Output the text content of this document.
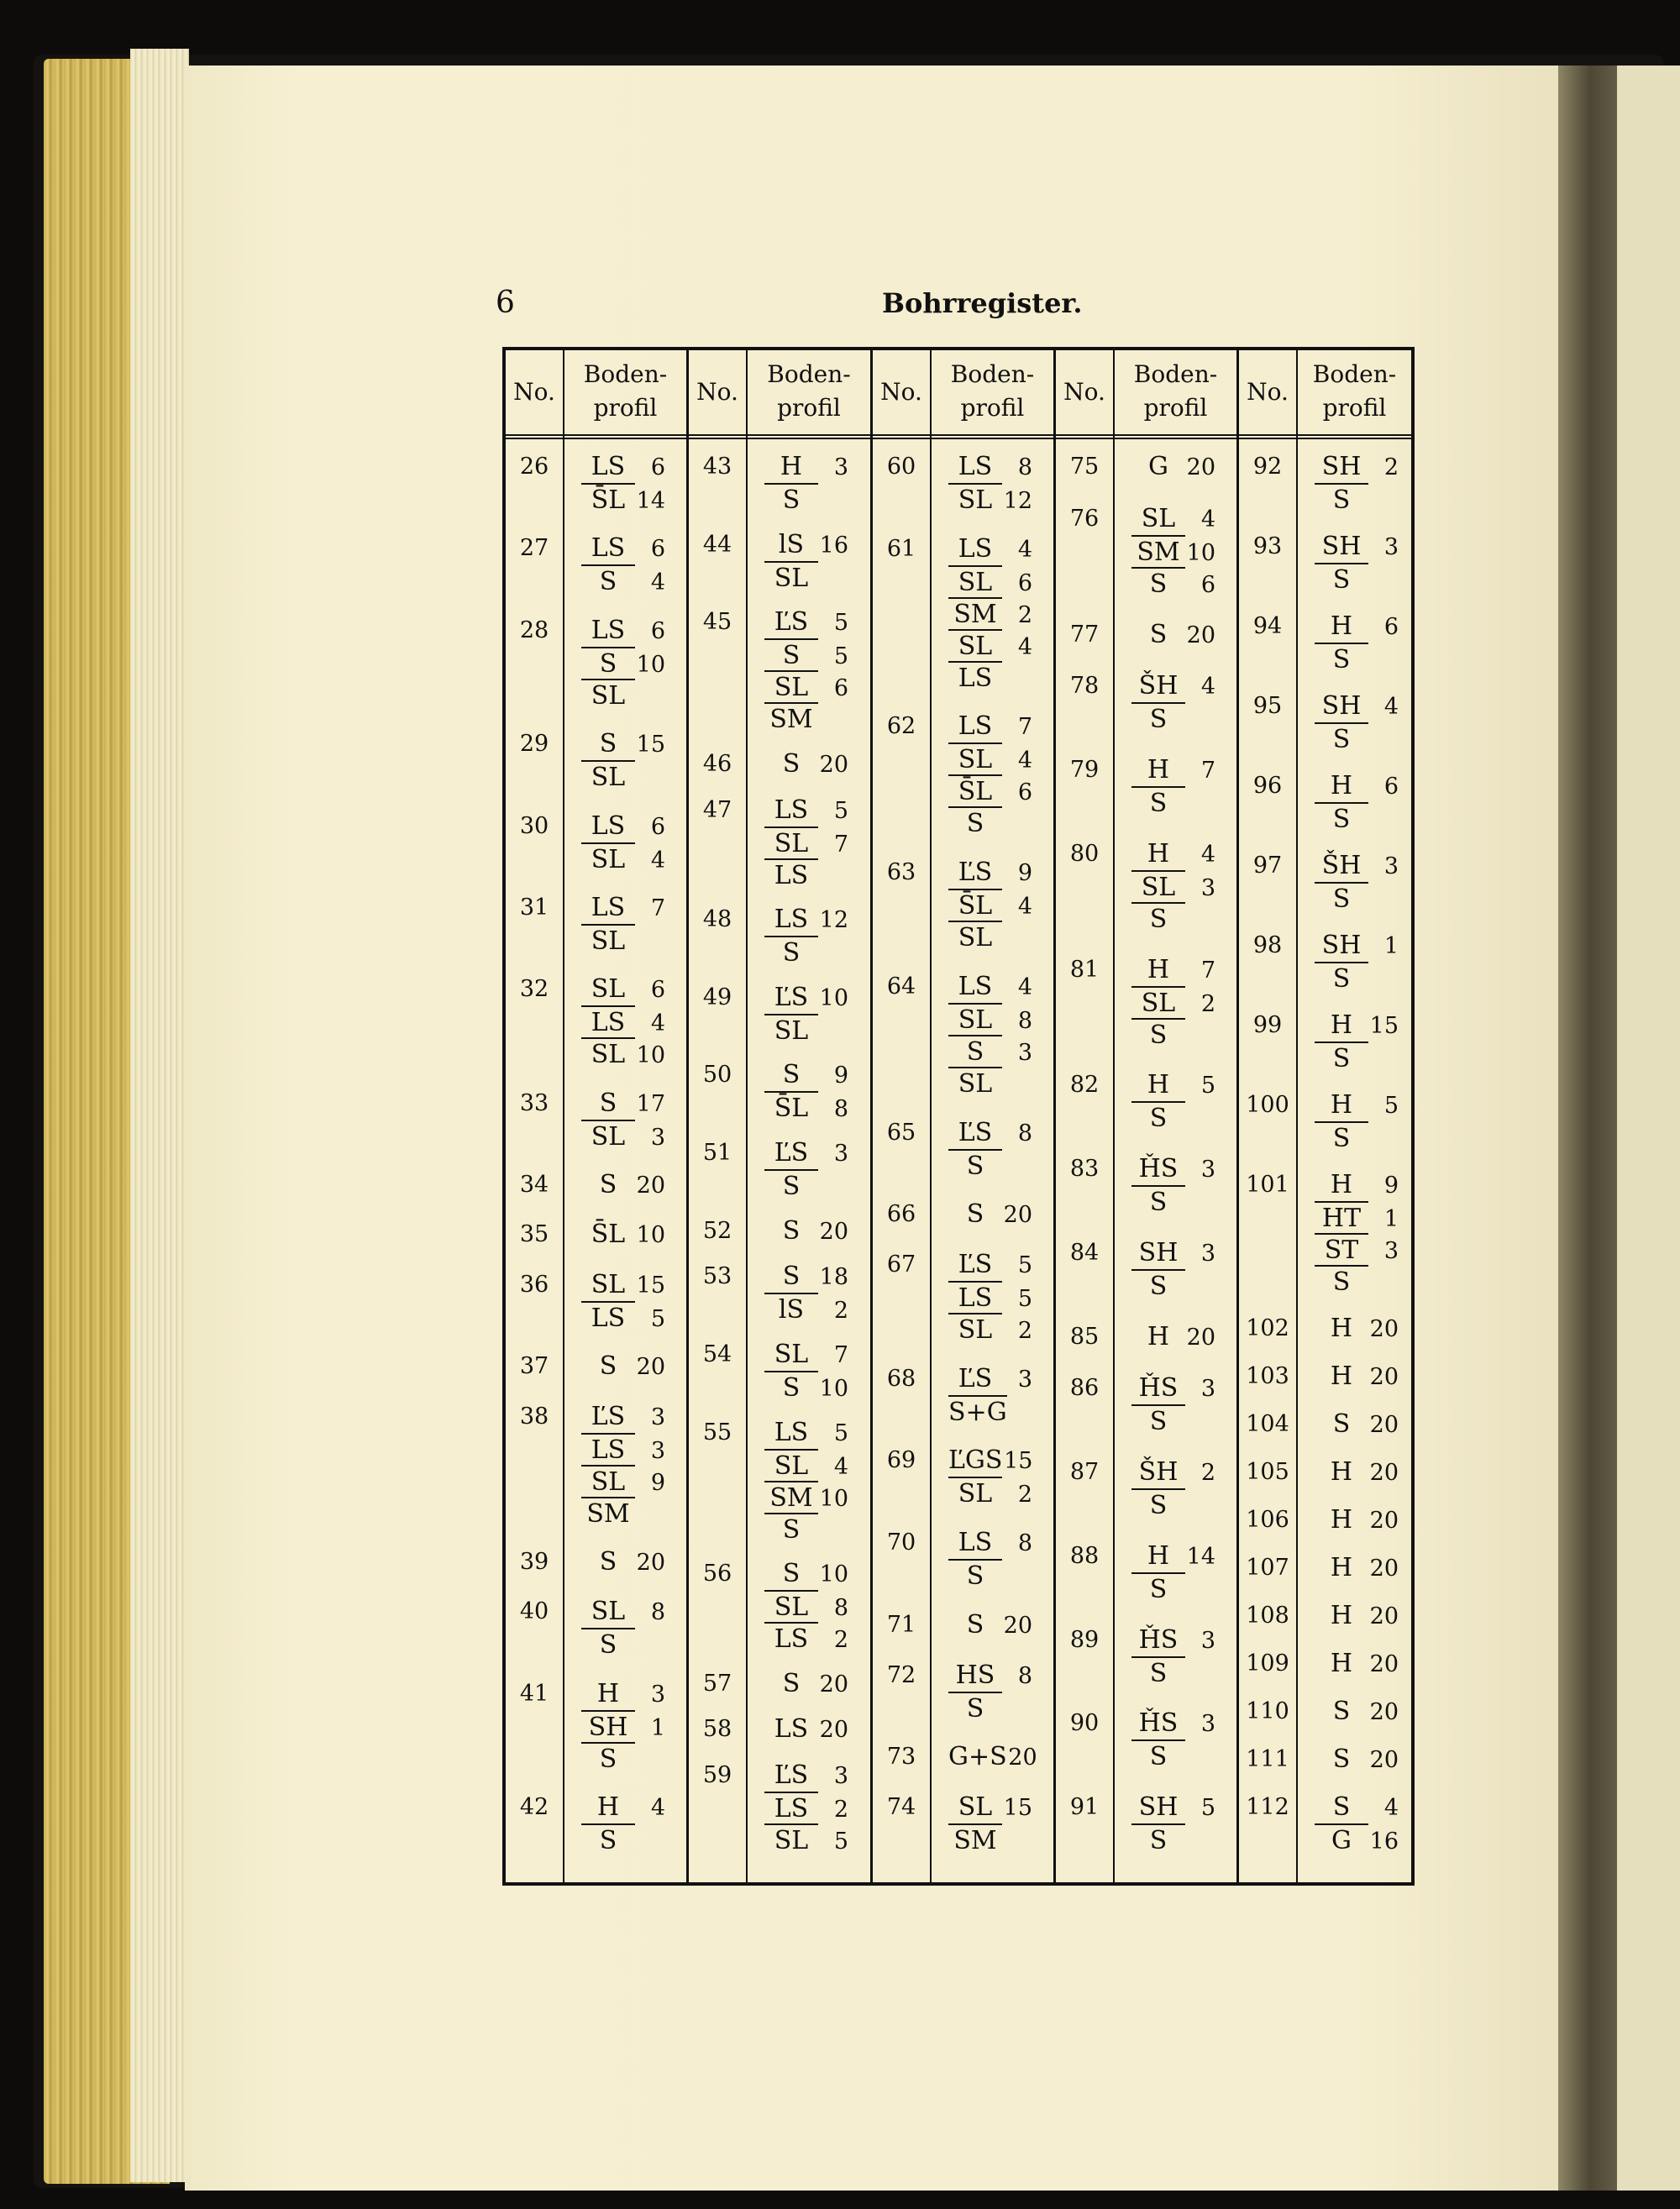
6	Bohrregister.
No.
Boden-
profil
26	LS 6
S̄L 14
27	LS 6
S 4
28	LS 6
S 10
SL
29	S 15
SL
30	LS 6
SL 4
31	LS 7
SL
32	SL 6
LS 4
SL 10
33	S 17
SL 3
34	S 20
35	S̄L 10
36	SL 15
LS 5
37	S 20
38	ĽS 3
LS 3
SL 9
SM
39	S 20
40	SL 8
S
41	H 3
SH 1
S
42	H 4
S
No.
Boden-
profil
43	H 3
S
44	lS 16
SL
45	ĽS 5
S 5
SL 6
SM
46	S 20
47	LS 5
SL 7
LS
48	LS 12
S
49	ĽS 10
SL
50	S 9
S̄L 8
51	ĽS 3
S
52	S 20
53	S 18
lS 2
54	SL 7
S 10
55	LS 5
SL 4
SM 10
S
56	S 10
SL 8
LS 2
57	S 20
58	LS 20
59	ĽS 3
LS 2
SL 5
No.
Boden-
profil
60	LS 8
SL 12
61	LS 4
SL 6
SM 2
SL 4
LS
62	LS 7
SL 4
S̄L 6
S
63	ĽS 9
S̄L 4
SL
64	LS 4
SL 8
S 3
SL
65	ĽS 8
S
66	S 20
67	ĽS 5
LS 5
SL 2
68	ĽS 3
S+G
69	ĽGS15
SL 2
70	LS 8
S
71	S 20
72	HS 8
S
73	G+S20
74	SL 15
SM
No.
Boden-
profil
75	G 20
76	SL 4
SM 10
S 6
77	S 20
78	ŠH 4
S
79	H 7
S
80	H 4
SL 3
S
81	H 7
SL 2
S
82	H 5
S
83	ȞS 3
S
84	SH 3
S
85	H 20
86	ȞS 3
S
87	ŠH 2
S
88	H 14
S
89	ȞS 3
S
90	ȞS 3
S
91	SH 5
S
No.
Boden-
profil
92	SH 2
S
93	SH 3
S
94	H 6
S
95	SH 4
S
96	H 6
S
97	ŠH 3
S
98	SH 1
S
99	H 15
S
100	H 5
S
101	H 9
HT 1
ST 3
S
102	H 20
103	H 20
104	S 20
105	H 20
106	H 20
107	H 20
108	H 20
109	H 20
110	S 20
111	S 20
112	S 4
G 16
